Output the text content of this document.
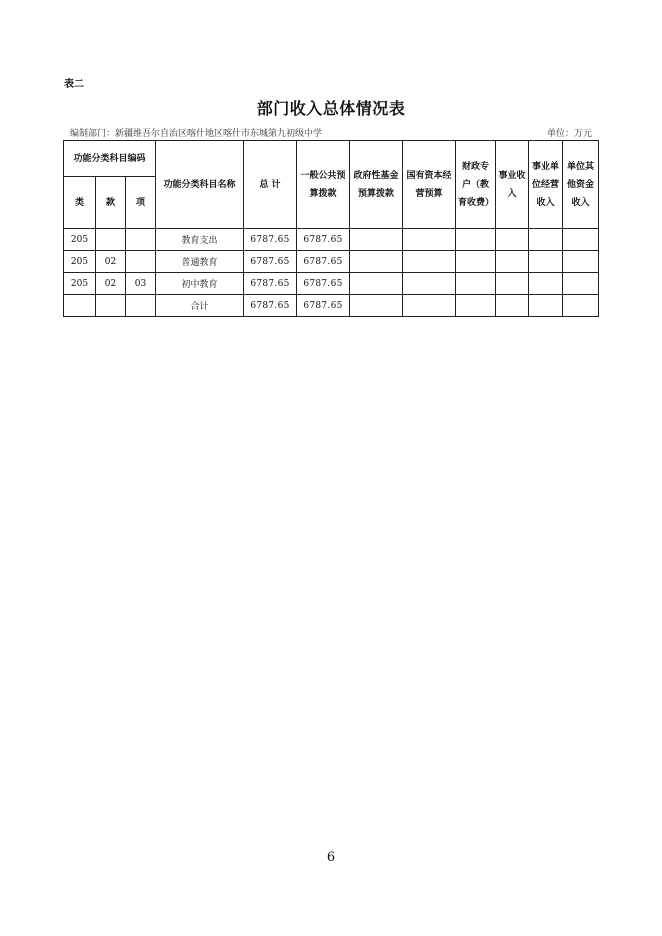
表二
部门收入总体情况表
编制部门：新疆维吾尔自治区喀什地区喀什市东城第九初级中学	单位：万元
功能分类科目编码			功能分类科目名称	总 计	一般公共预算拨款	政府性基金预算拨款	国有资本经营预算	财政专户（教育收费）	事业收入	事业单位经营收入	单位其他资金收入
类	款	项									
205			教育支出	6787.65	6787.65						
205	02		普通教育	6787.65	6787.65						
205	02	03	初中教育	6787.65	6787.65						
			合计	6787.65	6787.65						
6
